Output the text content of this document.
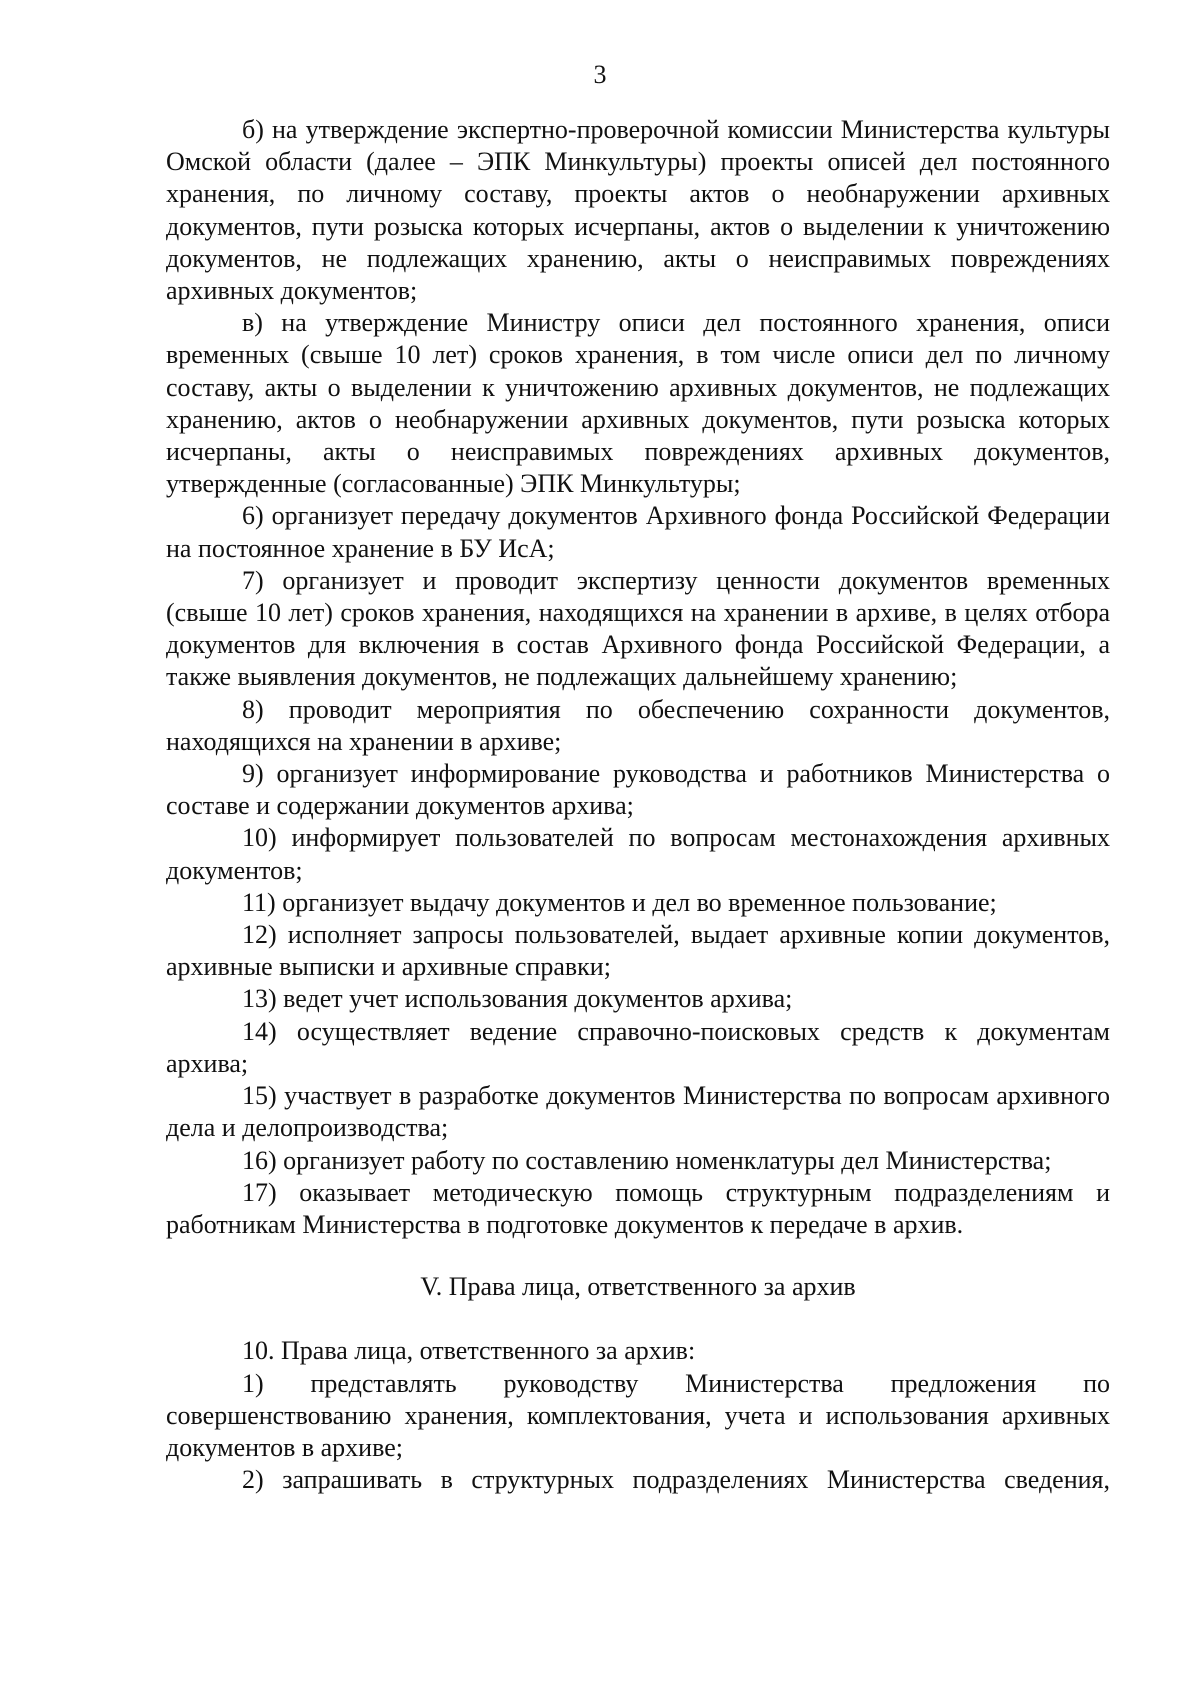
3

б) на утверждение экспертно-проверочной комиссии Министерства культуры Омской области (далее – ЭПК Минкультуры) проекты описей дел постоянного хранения, по личному составу, проекты актов о необнаружении архивных документов, пути розыска которых исчерпаны, актов о выделении к уничтожению документов, не подлежащих хранению, акты о неисправимых повреждениях архивных документов;

в) на утверждение Министру описи дел постоянного хранения, описи временных (свыше 10 лет) сроков хранения, в том числе описи дел по личному составу, акты о выделении к уничтожению архивных документов, не подлежащих хранению, актов о необнаружении архивных документов, пути розыска которых исчерпаны, акты о неисправимых повреждениях архивных документов, утвержденные (согласованные) ЭПК Минкультуры;

6) организует передачу документов Архивного фонда Российской Федерации на постоянное хранение в БУ ИсА;

7) организует и проводит экспертизу ценности документов временных (свыше 10 лет) сроков хранения, находящихся на хранении в архиве, в целях отбора документов для включения в состав Архивного фонда Российской Федерации, а также выявления документов, не подлежащих дальнейшему хранению;

8) проводит мероприятия по обеспечению сохранности документов, находящихся на хранении в архиве;

9) организует информирование руководства и работников Министерства о составе и содержании документов архива;

10) информирует пользователей по вопросам местонахождения архивных документов;

11) организует выдачу документов и дел во временное пользование;

12) исполняет запросы пользователей, выдает архивные копии документов, архивные выписки и архивные справки;

13) ведет учет использования документов архива;

14) осуществляет ведение справочно-поисковых средств к документам архива;

15) участвует в разработке документов Министерства по вопросам архивного дела и делопроизводства;

16) организует работу по составлению номенклатуры дел Министерства;

17) оказывает методическую помощь структурным подразделениям и работникам Министерства в подготовке документов к передаче в архив.

V. Права лица, ответственного за архив

10. Права лица, ответственного за архив:

1) представлять руководству Министерства предложения по совершенствованию хранения, комплектования, учета и использования архивных документов в архиве;

2) запрашивать в структурных подразделениях Министерства сведения,
